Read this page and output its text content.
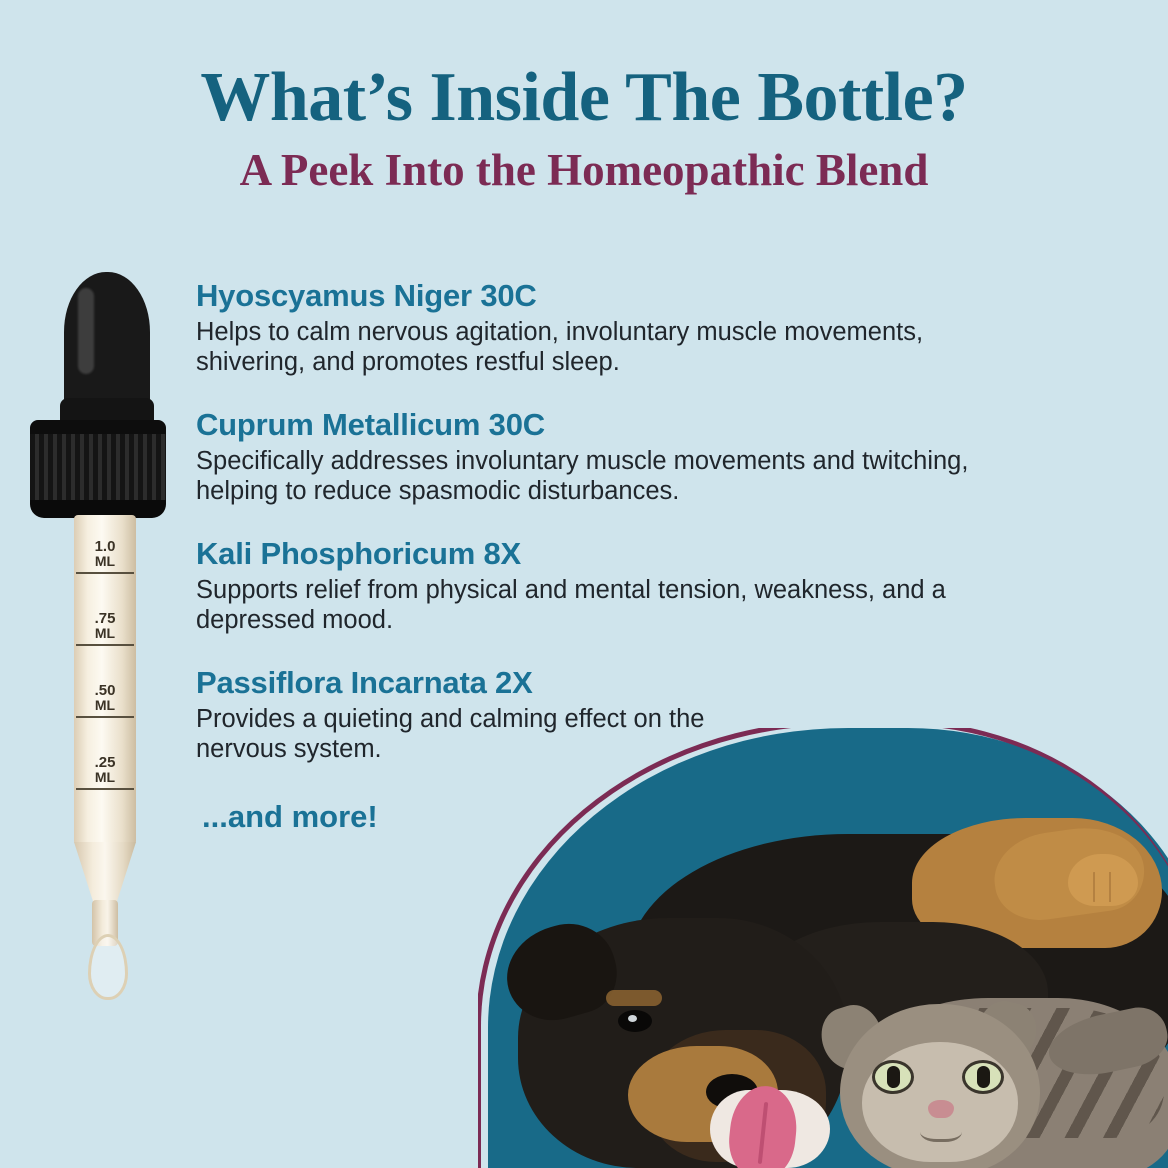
What’s Inside The Bottle?
A Peek Into the Homeopathic Blend
1.0
ML
.75
ML
.50
ML
.25
ML

Hyoscyamus Niger 30C

Helps to calm nervous agitation, involuntary muscle movements, shivering, and promotes restful sleep.

Cuprum Metallicum 30C

Specifically addresses involuntary muscle movements and twitching, helping to reduce spasmodic disturbances.

Kali Phosphoricum 8X

Supports relief from physical and mental tension, weakness, and a depressed mood.

Passiflora Incarnata 2X

Provides a quieting and calming effect on the nervous system.

...and more!
